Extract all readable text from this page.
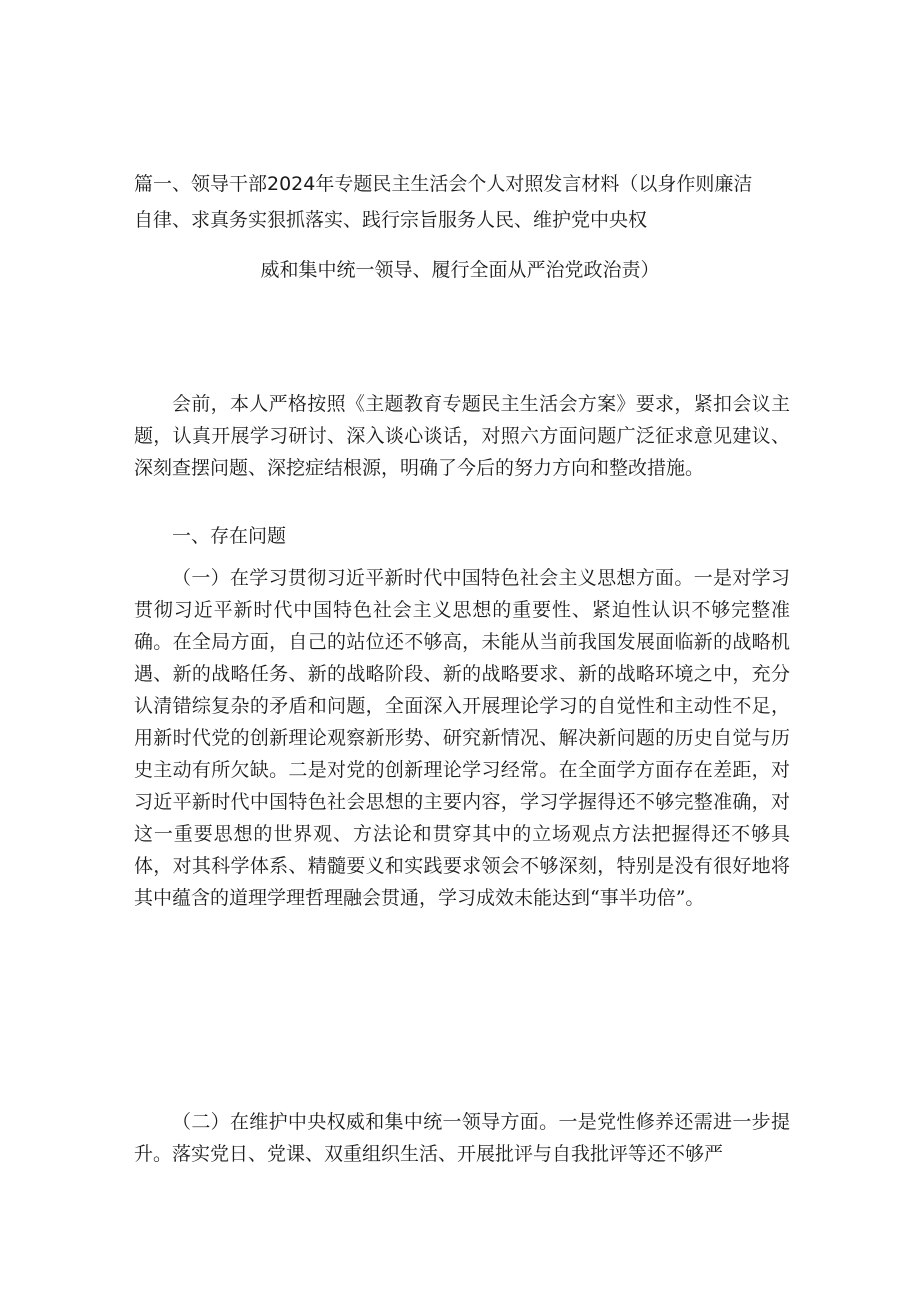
篇一、领导干部2024年专题民主生活会个人对照发言材料（以身作则廉洁
自律、求真务实狠抓落实、践行宗旨服务人民、维护党中央权
威和集中统一领导、履行全面从严治党政治责）

会前，本人严格按照《主题教育专题民主生活会方案》要求，紧扣会议主题，认真开展学习研讨、深入谈心谈话，对照六方面问题广泛征求意见建议、深刻查摆问题、深挖症结根源，明确了今后的努力方向和整改措施。

一、存在问题

（一）在学习贯彻习近平新时代中国特色社会主义思想方面。一是对学习贯彻习近平新时代中国特色社会主义思想的重要性、紧迫性认识不够完整准确。在全局方面，自己的站位还不够高，未能从当前我国发展面临新的战略机遇、新的战略任务、新的战略阶段、新的战略要求、新的战略环境之中，充分认清错综复杂的矛盾和问题，全面深入开展理论学习的自觉性和主动性不足，用新时代党的创新理论观察新形势、研究新情况、解决新问题的历史自觉与历史主动有所欠缺。二是对党的创新理论学习经常。在全面学方面存在差距，对习近平新时代中国特色社会思想的主要内容，学习学握得还不够完整准确，对这一重要思想的世界观、方法论和贯穿其中的立场观点方法把握得还不够具体，对其科学体系、精髓要义和实践要求领会不够深刻，特别是没有很好地将其中蕴含的道理学理哲理融会贯通，学习成效未能达到“事半功倍”。

（二）在维护中央权威和集中统一领导方面。一是党性修养还需进一步提升。落实党日、党课、双重组织生活、开展批评与自我批评等还不够严
